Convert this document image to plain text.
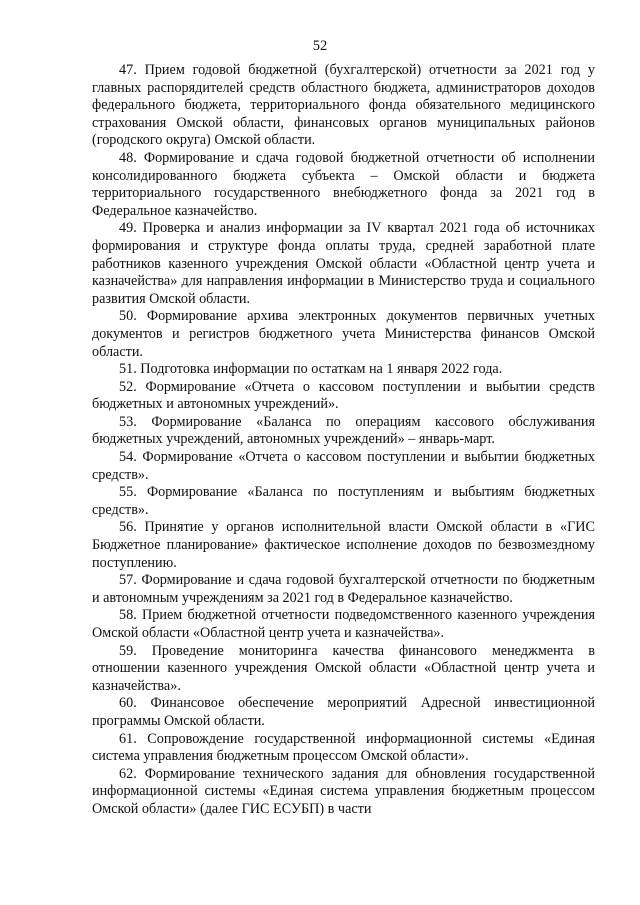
52

47. Прием годовой бюджетной (бухгалтерской) отчетности за 2021 год у главных распорядителей средств областного бюджета, администраторов доходов федерального бюджета, территориального фонда обязательного медицинского страхования Омской области, финансовых органов муниципальных районов (городского округа) Омской области.

48. Формирование и сдача годовой бюджетной отчетности об исполнении консолидированного бюджета субъекта – Омской области и бюджета территориального государственного внебюджетного фонда за 2021 год в Федеральное казначейство.

49. Проверка и анализ информации за IV квартал 2021 года об источниках формирования и структуре фонда оплаты труда, средней заработной плате работников казенного учреждения Омской области «Областной центр учета и казначейства» для направления информации в Министерство труда и социального развития Омской области.

50. Формирование архива электронных документов первичных учетных документов и регистров бюджетного учета Министерства финансов Омской области.

51. Подготовка информации по остаткам на 1 января 2022 года.

52. Формирование «Отчета о кассовом поступлении и выбытии средств бюджетных и автономных учреждений».

53. Формирование «Баланса по операциям кассового обслуживания бюджетных учреждений, автономных учреждений» – январь-март.

54. Формирование «Отчета о кассовом поступлении и выбытии бюджетных средств».

55. Формирование «Баланса по поступлениям и выбытиям бюджетных средств».

56. Принятие у органов исполнительной власти Омской области в «ГИС Бюджетное планирование» фактическое исполнение доходов по безвозмездному поступлению.

57. Формирование и сдача годовой бухгалтерской отчетности по бюджетным и автономным учреждениям за 2021 год в Федеральное казначейство.

58. Прием бюджетной отчетности подведомственного казенного учреждения Омской области «Областной центр учета и казначейства».

59. Проведение мониторинга качества финансового менеджмента в отношении казенного учреждения Омской области «Областной центр учета и казначейства».

60. Финансовое обеспечение мероприятий Адресной инвестиционной программы Омской области.

61. Сопровождение государственной информационной системы «Единая система управления бюджетным процессом Омской области».

62. Формирование технического задания для обновления государственной информационной системы «Единая система управления бюджетным процессом Омской области» (далее ГИС ЕСУБП) в части
